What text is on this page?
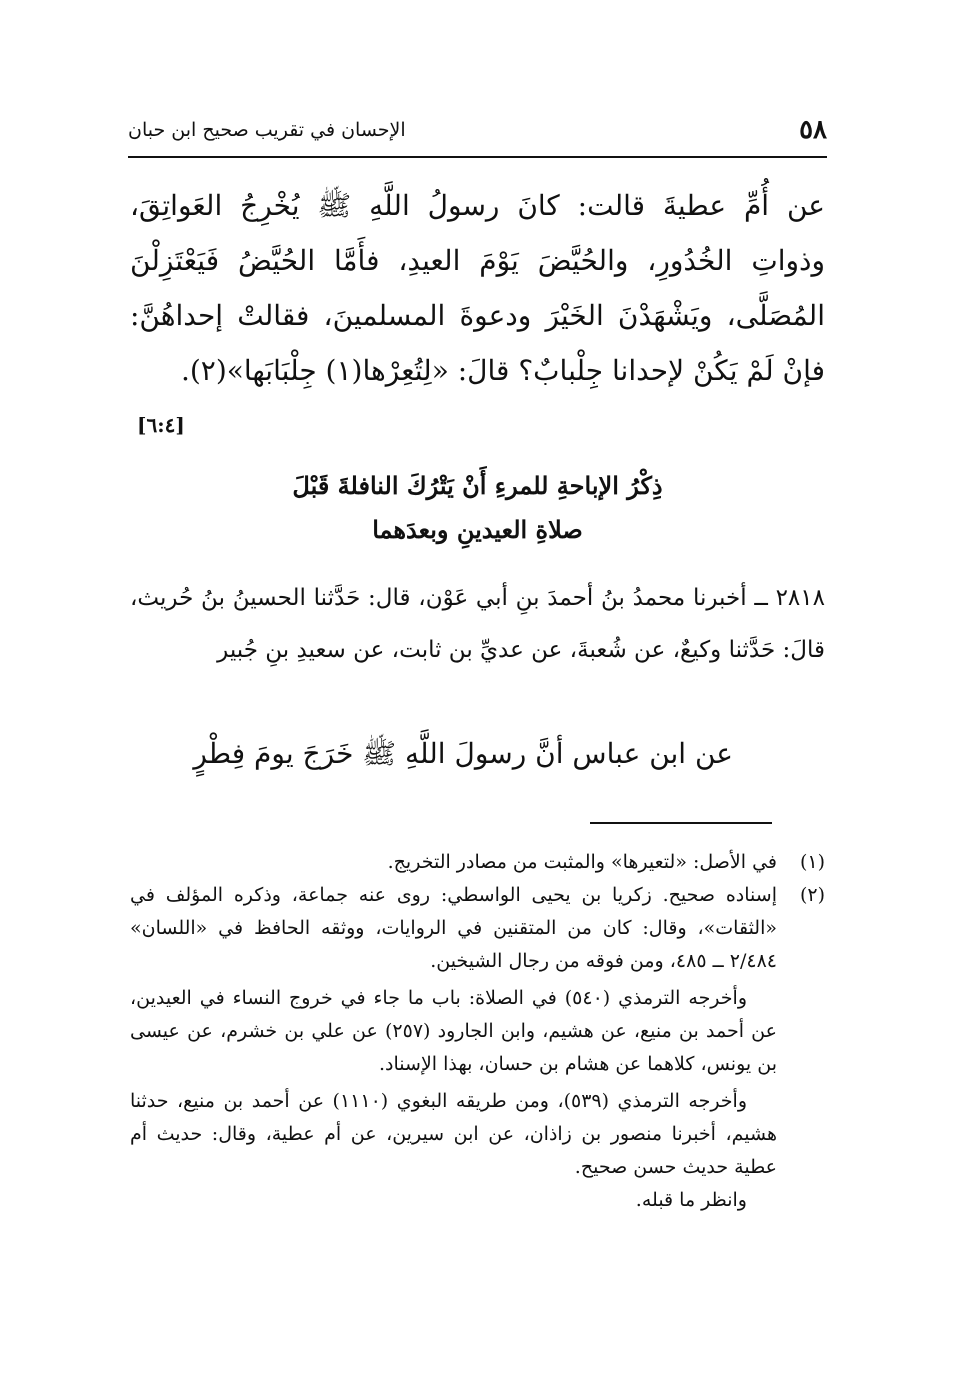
٥٨
الإحسان في تقريب صحيح ابن حبان

عن أُمِّ عطيةَ قالت: كانَ رسولُ اللَّهِ ﷺ يُخْرِجُ العَواتِقَ، وذواتِ الخُدُورِ، والحُيَّضَ يَوْمَ العيدِ، فأَمَّا الحُيَّضُ فَيَعْتَزِلْنَ المُصَلَّى، ويَشْهَدْنَ الخَيْرَ ودعوةَ المسلمينَ، فقالتْ إحداهُنَّ: فإنْ لَمْ يَكُنْ لإحدانا جِلْبابٌ؟ قالَ: «لِتُعِرْها(١) جِلْبَابَها»(٢).

[٦:٤]
ذِكْرُ الإباحةِ للمرءِ أَنْ يَتْرُكَ النافلةَ قَبْلَ
صلاةِ العيدينِ وبعدَهما

٢٨١٨ ــ أخبرنا محمدُ بنُ أحمدَ بنِ أبي عَوْن، قال: حَدَّثنا الحسينُ بنُ حُريث، قالَ: حَدَّثنا وكيعٌ، عن شُعبةَ، عن عديِّ بن ثابت، عن سعيدِ بنِ جُبير

عن ابن عباس أنَّ رسولَ اللَّهِ ﷺ خَرَجَ يومَ فِطْرٍ

(١)
في الأصل: «لتعيرها» والمثبت من مصادر التخريج.
(٢)
إسناده صحيح. زكريا بن يحيى الواسطي: روى عنه جماعة، وذكره المؤلف في «الثقات»، وقال: كان من المتقنين في الروايات، ووثقه الحافظ في «اللسان» ٢/٤٨٤ ــ ٤٨٥، ومن فوقه من رجال الشيخين.
وأخرجه الترمذي (٥٤٠) في الصلاة: باب ما جاء في خروج النساء في العيدين، عن أحمد بن منيع، عن هشيم، وابن الجارود (٢٥٧) عن علي بن خشرم، عن عيسى بن يونس، كلاهما عن هشام بن حسان، بهذا الإسناد.
وأخرجه الترمذي (٥٣٩)، ومن طريقه البغوي (١١١٠) عن أحمد بن منيع، حدثنا هشيم، أخبرنا منصور بن زاذان، عن ابن سيرين، عن أم عطية، وقال: حديث أم عطية حديث حسن صحيح.
وانظر ما قبله.
